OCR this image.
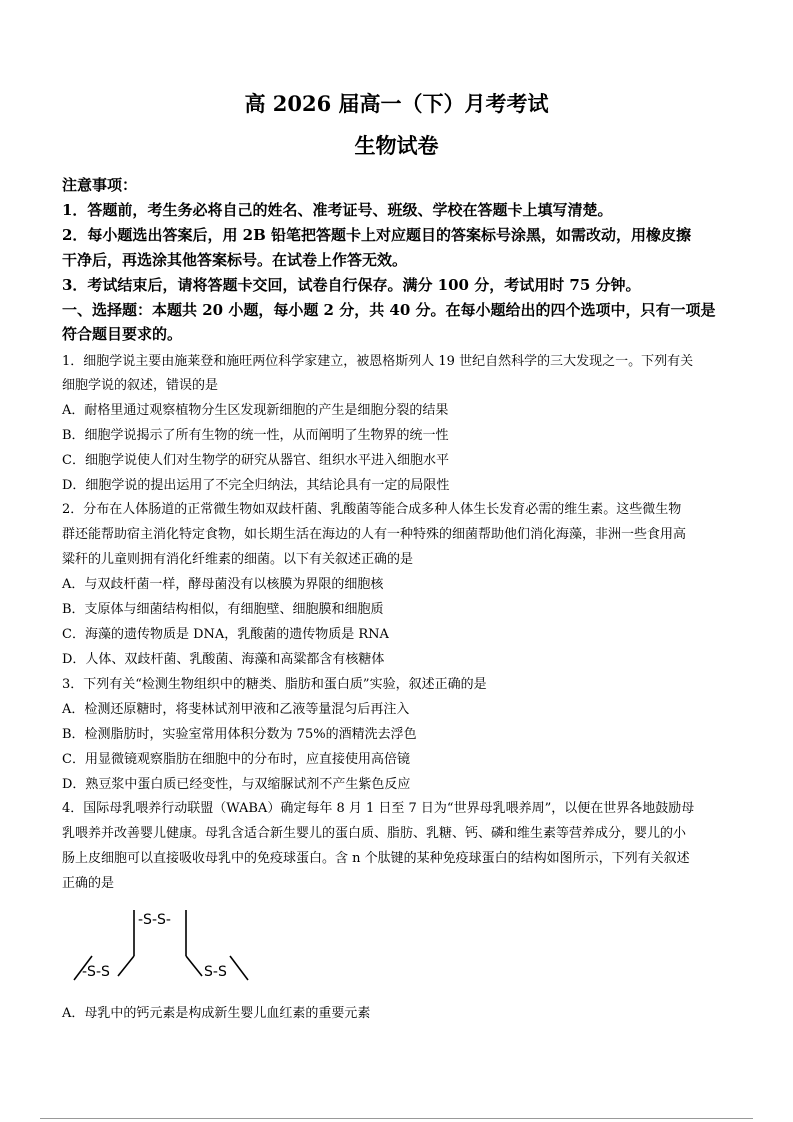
高 2026 届高一（下）月考考试
生物试卷
注意事项：
1．答题前，考生务必将自己的姓名、准考证号、班级、学校在答题卡上填写清楚。
2．每小题选出答案后，用 2B 铅笔把答题卡上对应题目的答案标号涂黑，如需改动，用橡皮擦
干净后，再选涂其他答案标号。在试卷上作答无效。
3．考试结束后，请将答题卡交回，试卷自行保存。满分 100 分，考试用时 75 分钟。
一、选择题：本题共 20 小题，每小题 2 分，共 40 分。在每小题给出的四个选项中，只有一项是
符合题目要求的。
1．细胞学说主要由施莱登和施旺两位科学家建立，被恩格斯列人 19 世纪自然科学的三大发现之一。下列有关
细胞学说的叙述，错误的是
A．耐格里通过观察植物分生区发现新细胞的产生是细胞分裂的结果
B．细胞学说揭示了所有生物的统一性，从而阐明了生物界的统一性
C．细胞学说使人们对生物学的研究从器官、组织水平进入细胞水平
D．细胞学说的提出运用了不完全归纳法，其结论具有一定的局限性
2．分布在人体肠道的正常微生物如双歧杆菌、乳酸菌等能合成多种人体生长发育必需的维生素。这些微生物
群还能帮助宿主消化特定食物，如长期生活在海边的人有一种特殊的细菌帮助他们消化海藻，非洲一些食用高
粱秆的儿童则拥有消化纤维素的细菌。以下有关叙述正确的是
A．与双歧杆菌一样，酵母菌没有以核膜为界限的细胞核
B．支原体与细菌结构相似，有细胞壁、细胞膜和细胞质
C．海藻的遗传物质是 DNA，乳酸菌的遗传物质是 RNA
D．人体、双歧杆菌、乳酸菌、海藻和高粱都含有核糖体
3．下列有关“检测生物组织中的糖类、脂肪和蛋白质”实验，叙述正确的是
A．检测还原糖时，将斐林试剂甲液和乙液等量混匀后再注入
B．检测脂肪时，实验室常用体积分数为 75%的酒精洗去浮色
C．用显微镜观察脂肪在细胞中的分布时，应直接使用高倍镜
D．熟豆浆中蛋白质已经变性，与双缩脲试剂不产生紫色反应
4．国际母乳喂养行动联盟（WABA）确定每年 8 月 1 日至 7 日为“世界母乳喂养周”，以便在世界各地鼓励母
乳喂养并改善婴儿健康。母乳含适合新生婴儿的蛋白质、脂肪、乳糖、钙、磷和维生素等营养成分，婴儿的小
肠上皮细胞可以直接吸收母乳中的免疫球蛋白。含 n 个肽键的某种免疫球蛋白的结构如图所示，下列有关叙述
正确的是
-S-S-
-S-S	S-S
A．母乳中的钙元素是构成新生婴儿血红素的重要元素
